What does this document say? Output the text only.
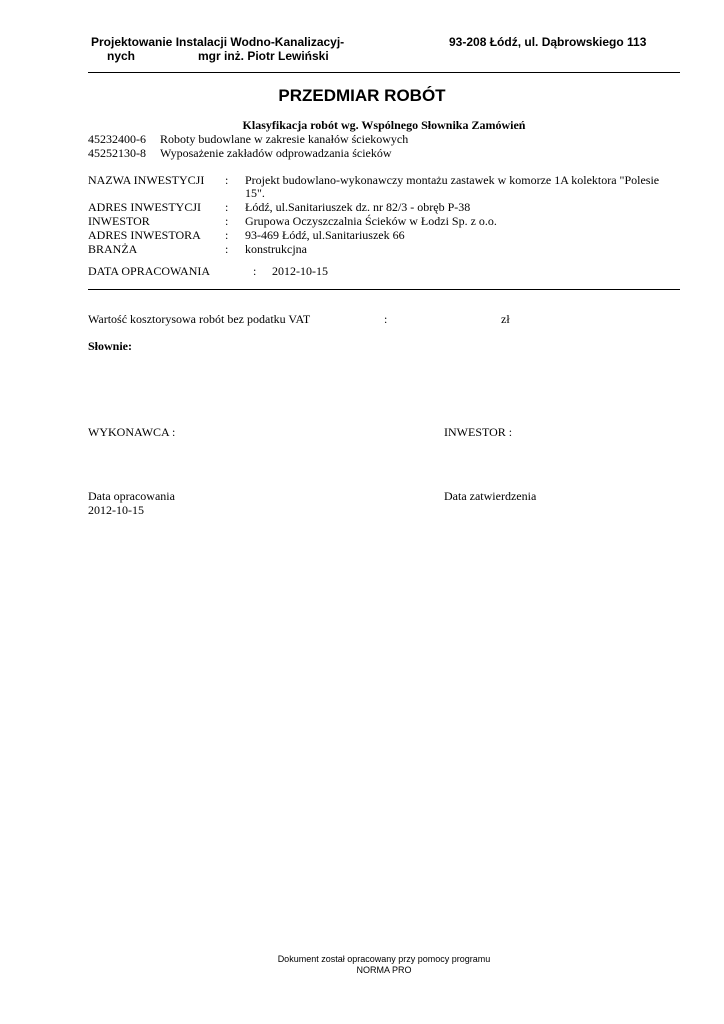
Projektowanie Instalacji Wodno-Kanalizacyj-
nych	mgr inż. Piotr Lewiński
93-208 Łódź, ul. Dąbrowskiego 113
PRZEDMIAR ROBÓT
Klasyfikacja robót wg. Wspólnego Słownika Zamówień
45232400-6 Roboty budowlane w zakresie kanałów ściekowych
45252130-8 Wyposażenie zakładów odprowadzania ścieków
NAZWA INWESTYCJI : Projekt budowlano-wykonawczy montażu zastawek w komorze 1A kolektora "Polesie
15".
ADRES INWESTYCJI : Łódź, ul.Sanitariuszek dz. nr 82/3 - obręb P-38
INWESTOR	: Grupowa Oczyszczalnia Ścieków w Łodzi Sp. z o.o.
ADRES INWESTORA : 93-469 Łódź, ul.Sanitariuszek 66
BRANŻA	: konstrukcjna
DATA OPRACOWANIA	: 2012-10-15
Wartość kosztorysowa robót bez podatku VAT	:	zł
Słownie:
WYKONAWCA :	INWESTOR :
Data opracowania
2012-10-15
Data zatwierdzenia
Dokument został opracowany przy pomocy programu
NORMA PRO
